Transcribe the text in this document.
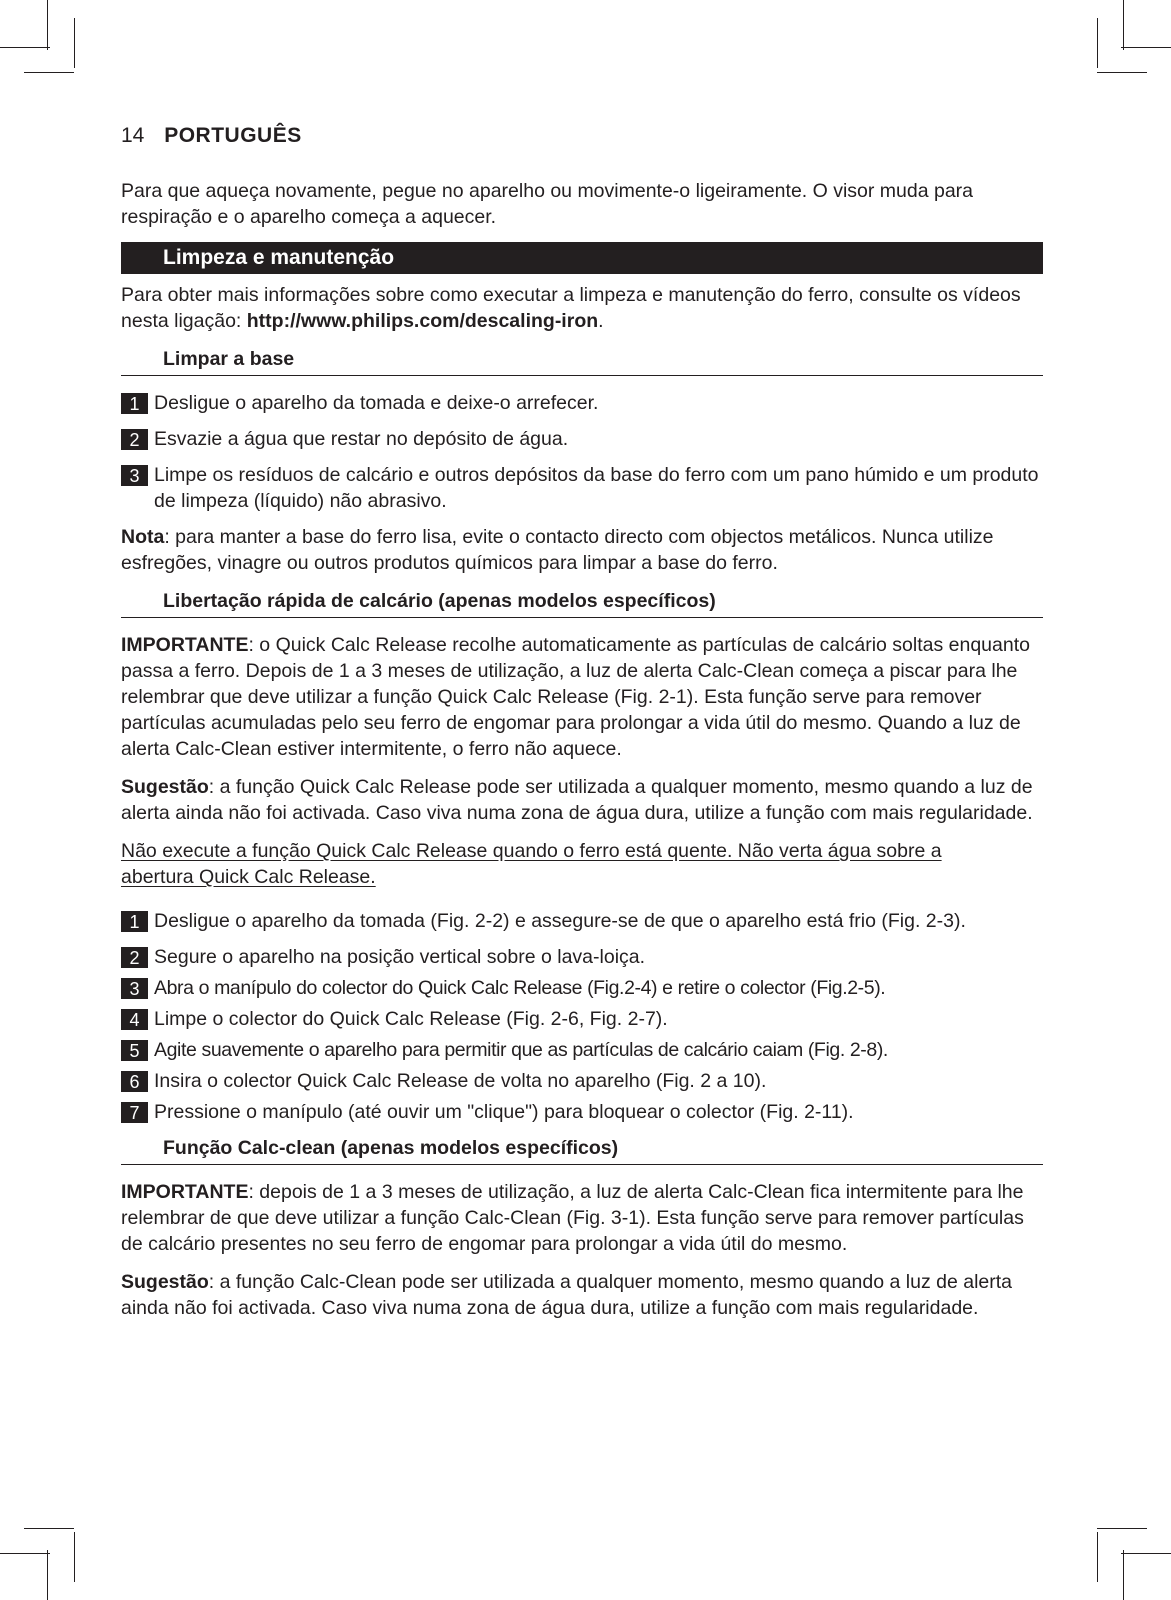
14 PORTUGUÊS

Para que aqueça novamente, pegue no aparelho ou movimente-o ligeiramente. O visor muda para respiração e o aparelho começa a aquecer.

Limpeza e manutenção

Para obter mais informações sobre como executar a limpeza e manutenção do ferro, consulte os vídeos nesta ligação: http://www.philips.com/descaling-iron.

Limpar a base
1 Desligue o aparelho da tomada e deixe-o arrefecer.
2 Esvazie a água que restar no depósito de água.
3 Limpe os resíduos de calcário e outros depósitos da base do ferro com um pano húmido e um produto de limpeza (líquido) não abrasivo.

Nota: para manter a base do ferro lisa, evite o contacto directo com objectos metálicos. Nunca utilize esfregões, vinagre ou outros produtos químicos para limpar a base do ferro.

Libertação rápida de calcário (apenas modelos específicos)

IMPORTANTE: o Quick Calc Release recolhe automaticamente as partículas de calcário soltas enquanto passa a ferro. Depois de 1 a 3 meses de utilização, a luz de alerta Calc-Clean começa a piscar para lhe relembrar que deve utilizar a função Quick Calc Release (Fig. 2-1). Esta função serve para remover partículas acumuladas pelo seu ferro de engomar para prolongar a vida útil do mesmo. Quando a luz de alerta Calc-Clean estiver intermitente, o ferro não aquece.

Sugestão: a função Quick Calc Release pode ser utilizada a qualquer momento, mesmo quando a luz de alerta ainda não foi activada. Caso viva numa zona de água dura, utilize a função com mais regularidade.

Não execute a função Quick Calc Release quando o ferro está quente. Não verta água sobre a abertura Quick Calc Release.

1 Desligue o aparelho da tomada (Fig. 2-2) e assegure-se de que o aparelho está frio (Fig. 2-3).
2 Segure o aparelho na posição vertical sobre o lava-loiça.
3 Abra o manípulo do colector do Quick Calc Release (Fig.2-4) e retire o colector (Fig.2-5).
4 Limpe o colector do Quick Calc Release (Fig. 2-6, Fig. 2-7).
5 Agite suavemente o aparelho para permitir que as partículas de calcário caiam (Fig. 2-8).
6 Insira o colector Quick Calc Release de volta no aparelho (Fig. 2 a 10).
7 Pressione o manípulo (até ouvir um "clique") para bloquear o colector (Fig. 2-11).
Função Calc-clean (apenas modelos específicos)

IMPORTANTE: depois de 1 a 3 meses de utilização, a luz de alerta Calc-Clean fica intermitente para lhe relembrar de que deve utilizar a função Calc-Clean (Fig. 3-1). Esta função serve para remover partículas de calcário presentes no seu ferro de engomar para prolongar a vida útil do mesmo.

Sugestão: a função Calc-Clean pode ser utilizada a qualquer momento, mesmo quando a luz de alerta ainda não foi activada. Caso viva numa zona de água dura, utilize a função com mais regularidade.
